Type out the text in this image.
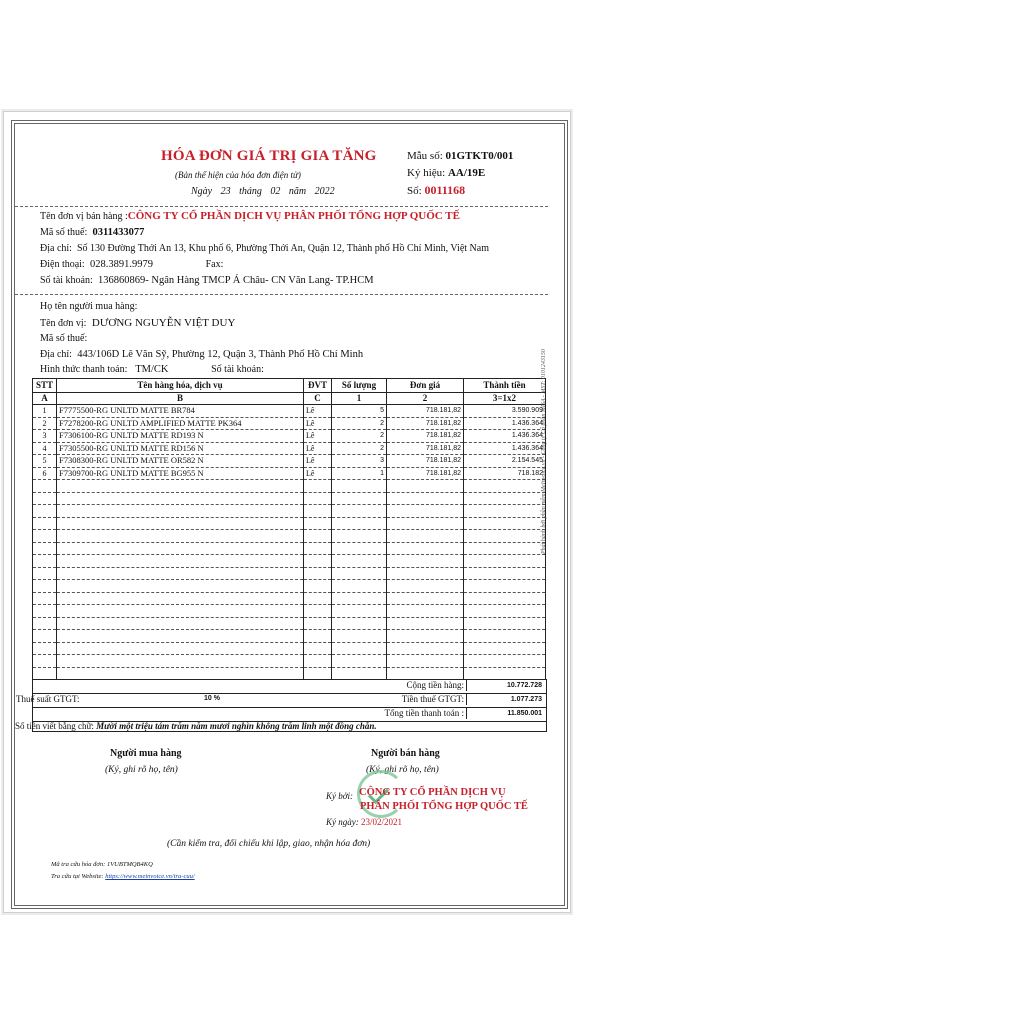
HÓA ĐƠN GIÁ TRỊ GIA TĂNG
(Bản thể hiện của hóa đơn điện tử)
Ngày 23 tháng 02 năm 2022
Mẫu số: 01GTKT0/001
Ký hiệu: AA/19E
Số: 0011168
Tên đơn vị bán hàng :CÔNG TY CỔ PHẦN DỊCH VỤ PHÂN PHỐI TỔNG HỢP QUỐC TẾ
Mã số thuế: 0311433077
Địa chỉ: Số 130 Đường Thới An 13, Khu phố 6, Phường Thới An, Quận 12, Thành phố Hồ Chí Minh, Việt Nam
Điện thoại: 028.3891.9979	Fax:
Số tài khoản: 136860869- Ngân Hàng TMCP Á Châu- CN Văn Lang- TP.HCM
Họ tên người mua hàng:
Tên đơn vị: DƯƠNG NGUYỄN VIỆT DUY
Mã số thuế:
Địa chỉ: 443/106D Lê Văn Sỹ, Phường 12, Quận 3, Thành Phố Hồ Chí Minh
Hình thức thanh toán: TM/CK	Số tài khoản:
STT	Tên hàng hóa, dịch vụ	ĐVT	Số lượng	Đơn giá	Thành tiền
A	B	C	1	2	3=1x2
1	F7775500-RG UNLTD MATTE BR784	Lê	5	718.181,82	3.590.909
2	F7278200-RG UNLTD AMPLIFIED MATTE PK364	Lê	2	718.181,82	1.436.364
3	F7306100-RG UNLTD MATTE RD193 N	Lê	2	718.181,82	1.436.364
4	F7305500-RG UNLTD MATTE RD156 N	Lê	2	718.181,82	1.436.364
5	F7308300-RG UNLTD MATTE OR582 N	Lê	3	718.181,82	2.154.545
6	F7309700-RG UNLTD MATTE BG955 N	Lê	1	718.181,82	718.182

Cộng tiền hàng:	10.772.728
Thuế suất GTGT:	10 %	Tiền thuế GTGT:	1.077.273
Tổng tiền thanh toán :	11.850.001
Số tiền viết bằng chữ: Mười một triệu tám trăm năm mươi nghìn không trăm linh một đồng chẵn.
Người mua hàng
(Ký, ghi rõ họ, tên)
Người bán hàng
(Ký, ghi rõ họ, tên)
Ký bởi: CÔNG TY CỔ PHẦN DỊCH VỤ
PHÂN PHỐI TỔNG HỢP QUỐC TẾ
Ký ngày: 23/02/2021
(Cần kiểm tra, đối chiếu khi lập, giao, nhận hóa đơn)
Mã tra cứu hóa đơn: 1VUBTMQB4KQ
Tra cứu tại Website: https://www.meinvoice.vn/tra-cuu/
Phát hành bởi phần mềm MeInvoice.vn - Công ty Cổ phần MISA - MST: 0101243150
